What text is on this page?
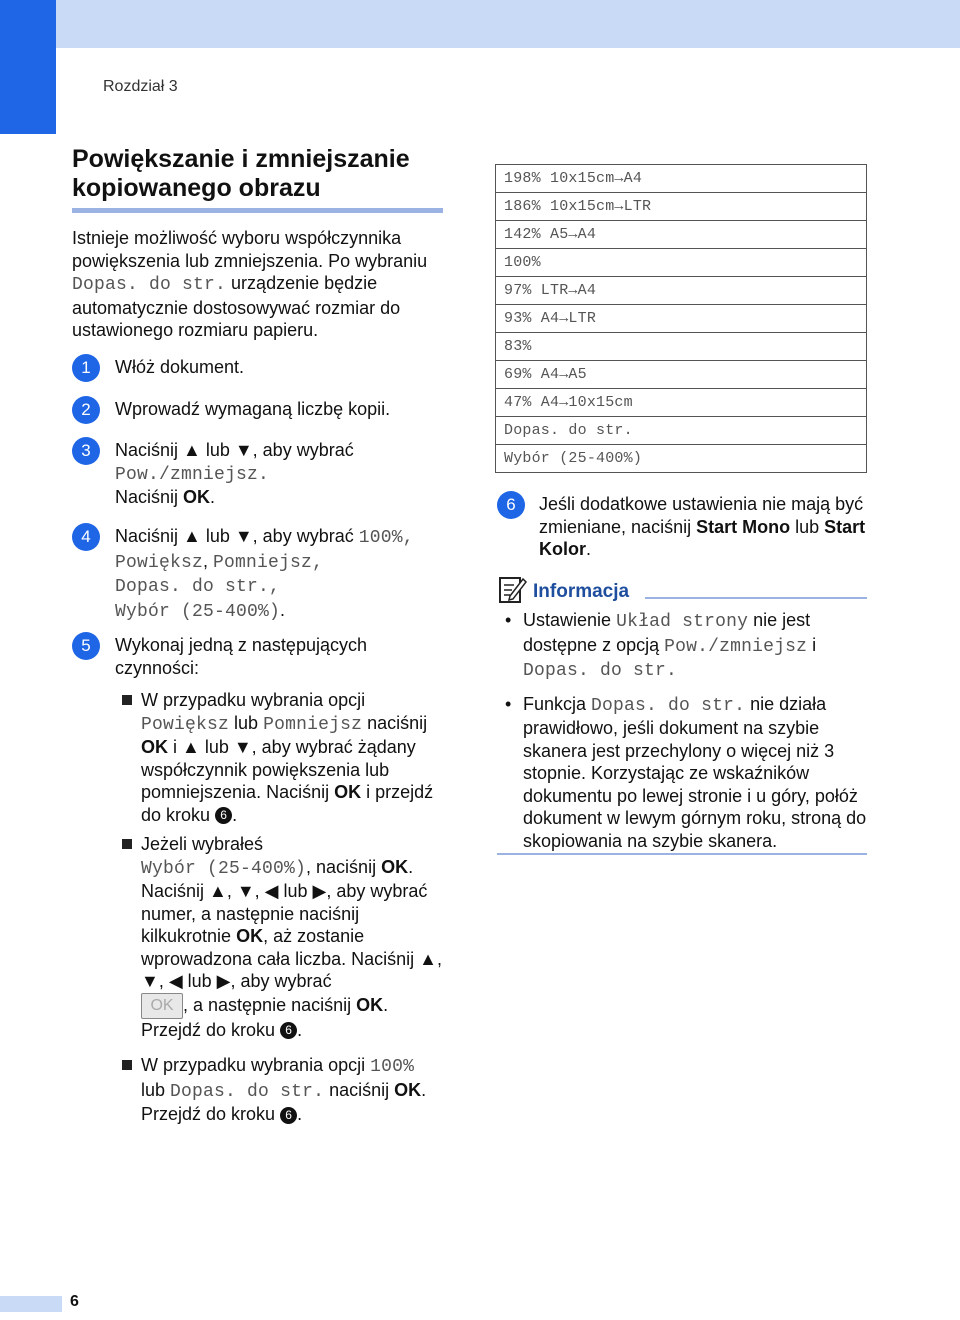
Rozdział 3
Powiększanie i zmniejszanie kopiowanego obrazu
Istnieje możliwość wyboru współczynnika powiększenia lub zmniejszenia. Po wybraniu Dopas. do str. urządzenie będzie automatycznie dostosowywać rozmiar do ustawionego rozmiaru papieru.
1	Włóż dokument.
2	Wprowadź wymaganą liczbę kopii.
3	Naciśnij ▲ lub ▼, aby wybrać
Pow./zmniejsz.
Naciśnij OK.
4	Naciśnij ▲ lub ▼, aby wybrać 100%,
Powiększ, Pomniejsz,
Dopas. do str.,
Wybór (25-400%).
5	Wykonaj jedną z następujących czynności:
W przypadku wybrania opcji
Powiększ lub Pomniejsz naciśnij OK i ▲ lub ▼, aby wybrać żądany współczynnik powiększenia lub pomniejszenia. Naciśnij OK i przejdź do kroku 6 .
Jeżeli wybrałeś
Wybór (25-400%), naciśnij OK. Naciśnij ▲, ▼, ◀ lub ▶, aby wybrać numer, a następnie naciśnij kilkukrotnie OK, aż zostanie wprowadzona cała liczba. Naciśnij ▲, ▼, ◀ lub ▶, aby wybrać
OK , a następnie naciśnij OK. Przejdź do kroku 6 .
W przypadku wybrania opcji 100%
lub Dopas. do str. naciśnij OK. Przejdź do kroku 6 .
198% 10x15cm→A4
186% 10x15cm→LTR
142% A5→A4
100%
97% LTR→A4
93% A4→LTR
83%
69% A4→A5
47% A4→10x15cm
Dopas. do str.
Wybór (25-400%)
6	Jeśli dodatkowe ustawienia nie mają być zmieniane, naciśnij Start Mono lub Start Kolor.
Informacja
• Ustawienie Układ strony nie jest dostępne z opcją Pow./zmniejsz i
Dopas. do str.
• Funkcja Dopas. do str. nie działa prawidłowo, jeśli dokument na szybie skanera jest przechylony o więcej niż 3 stopnie. Korzystając ze wskaźników dokumentu po lewej stronie i u góry, połóż dokument w lewym górnym roku, stroną do skopiowania na szybie skanera.
6
